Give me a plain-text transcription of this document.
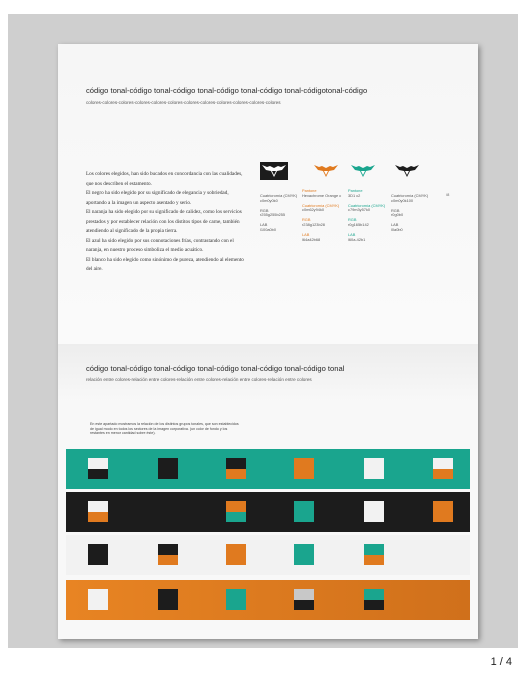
código tonal-código tonal-código tonal-código tonal-código tonal-códigotonal-código
colores-colores-colores-colores-colores-colores-colores-colores-colores-colores-colores-colores

Los colores elegidos, han sido bucados en concordancia con las cualidades, que nos describen el estamento.

El negro ha sido elegido por su significado de elegancia y sobriedad, aportando a la imagen un aspecto asentado y serio.

El naranja ha sido elegido por su significado de calidez, como los servicios prestados y por establecer relación con los distitos tipos de carne, también atendiendo al significado de la propia tierra.

El azul ha sido elegido por sus connotaciones frías, contrastando con el naranja, en nuestro proceso simboliza el medio acuático.

El blanco ha sido elegido como sinónimo de pureza, atendiendo al elemento del aire.

Cuatricromía (CMYK)
c0m0y0k0
RGB
r255g255b255
LAB
l100a0b0
Pantone
Hexachrome Orange c
Cuatricromía (CMYK)
c0m62y94k0
RGB
r238g123b28
LAB
l64a42b68
Pantone
3D1 c2
Cuatricromía (CMYK)
c79m3y57k0
RGB
r0g165b142
LAB
l60a-42b1
Cuatricromía (CMYK)
c0m0y0k100
RGB
r0g0b0
LAB
l0a0b0
/8
código tonal-código tonal-código tonal-código tonal-código tonal-código tonal
relación entre colores-relación entre colores-relación entre colores-relación entre colores-relación entre colores
En este apartado mostramos la relación de los distintos grupos tonales, que son establecidos de igual modo en todos los sectores de la imagen corporativa. (un color de fondo y los restantes en menor cantidad sobre éste).
1 / 4
